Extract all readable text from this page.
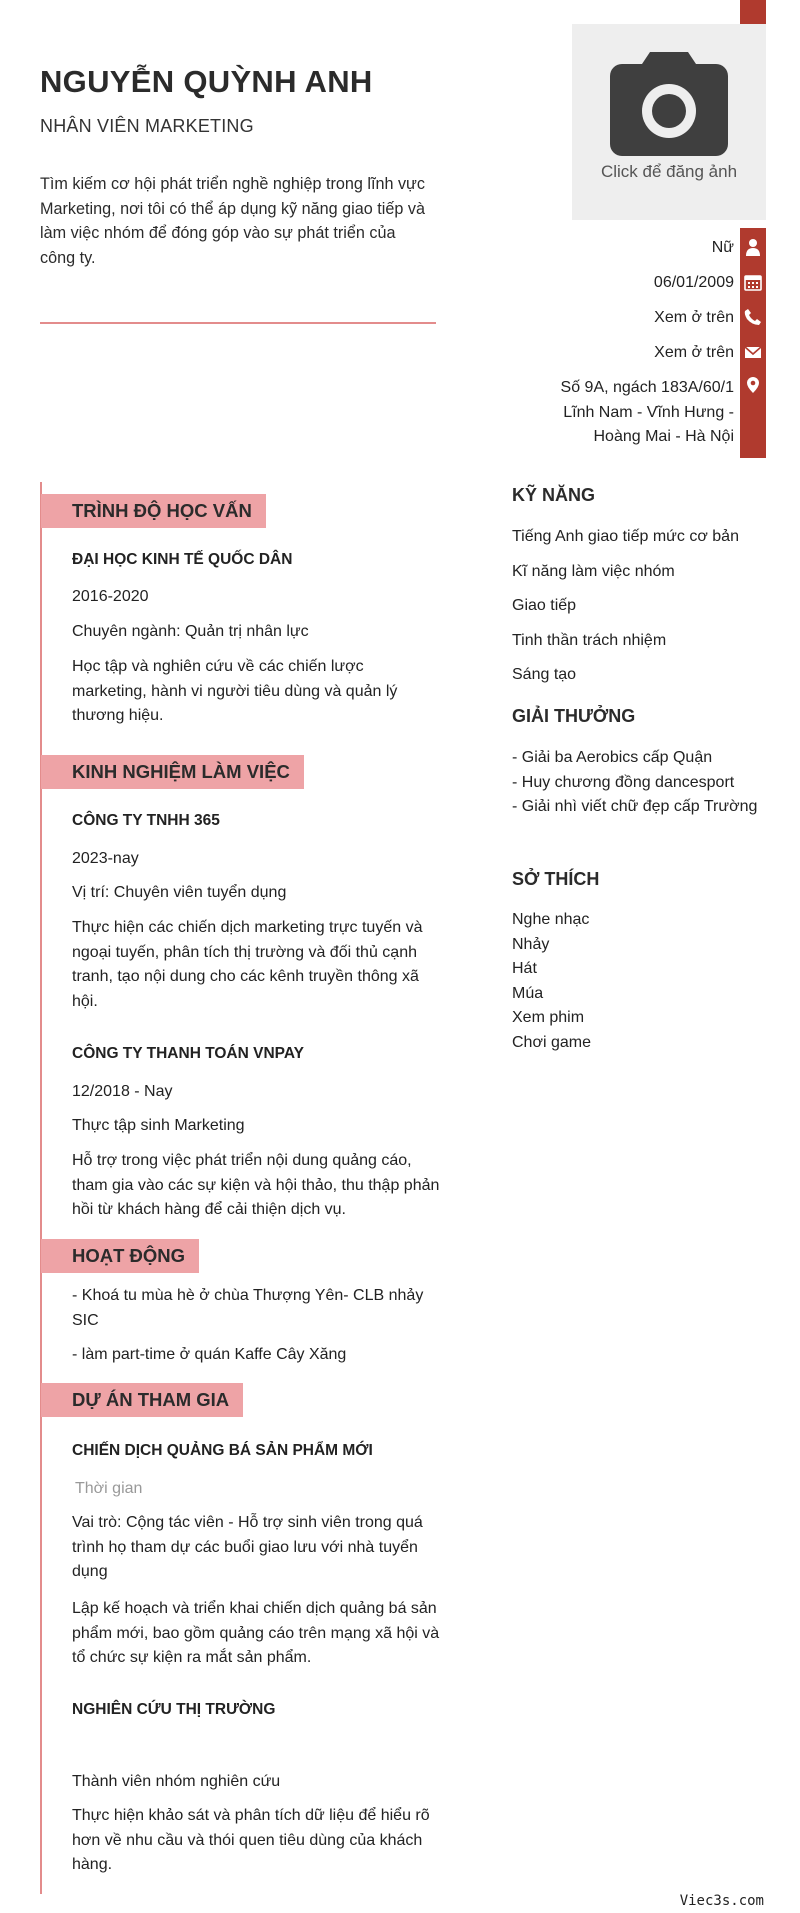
NGUYỄN QUỲNH ANH
NHÂN VIÊN MARKETING
Tìm kiếm cơ hội phát triển nghề nghiệp trong lĩnh vực Marketing, nơi tôi có thể áp dụng kỹ năng giao tiếp và làm việc nhóm để đóng góp vào sự phát triển của công ty.
Click để đăng ảnh
Nữ
06/01/2009
Xem ở trên
Xem ở trên
Số 9A, ngách 183A/60/1 Lĩnh Nam - Vĩnh Hưng - Hoàng Mai - Hà Nội
TRÌNH ĐỘ HỌC VẤN
ĐẠI HỌC KINH TẾ QUỐC DÂN
2016-2020
Chuyên ngành: Quản trị nhân lực
Học tập và nghiên cứu về các chiến lược marketing, hành vi người tiêu dùng và quản lý thương hiệu.
KINH NGHIỆM LÀM VIỆC
CÔNG TY TNHH 365
2023-nay
Vị trí: Chuyên viên tuyển dụng
Thực hiện các chiến dịch marketing trực tuyến và ngoại tuyến, phân tích thị trường và đối thủ cạnh tranh, tạo nội dung cho các kênh truyền thông xã hội.
CÔNG TY THANH TOÁN VNPAY
12/2018 - Nay
Thực tập sinh Marketing
Hỗ trợ trong việc phát triển nội dung quảng cáo, tham gia vào các sự kiện và hội thảo, thu thập phản hồi từ khách hàng để cải thiện dịch vụ.
HOẠT ĐỘNG
- Khoá tu mùa hè ở chùa Thượng Yên- CLB nhảy SIC
- làm part-time ở quán Kaffe Cây Xăng
DỰ ÁN THAM GIA
CHIẾN DỊCH QUẢNG BÁ SẢN PHẨM MỚI
Thời gian
Vai trò: Cộng tác viên - Hỗ trợ sinh viên trong quá trình họ tham dự các buổi giao lưu với nhà tuyển dụng
Lập kế hoạch và triển khai chiến dịch quảng bá sản phẩm mới, bao gồm quảng cáo trên mạng xã hội và tổ chức sự kiện ra mắt sản phẩm.
NGHIÊN CỨU THỊ TRƯỜNG
Thành viên nhóm nghiên cứu
Thực hiện khảo sát và phân tích dữ liệu để hiểu rõ hơn về nhu cầu và thói quen tiêu dùng của khách hàng.
KỸ NĂNG
Tiếng Anh giao tiếp mức cơ bản
Kĩ năng làm việc nhóm
Giao tiếp
Tinh thần trách nhiệm
Sáng tạo
GIẢI THƯỞNG
- Giải ba Aerobics cấp Quận
- Huy chương đồng dancesport
- Giải nhì viết chữ đẹp cấp Trường
SỞ THÍCH
Nghe nhạc
Nhảy
Hát
Múa
Xem phim
Chơi game
Viec3s.com
